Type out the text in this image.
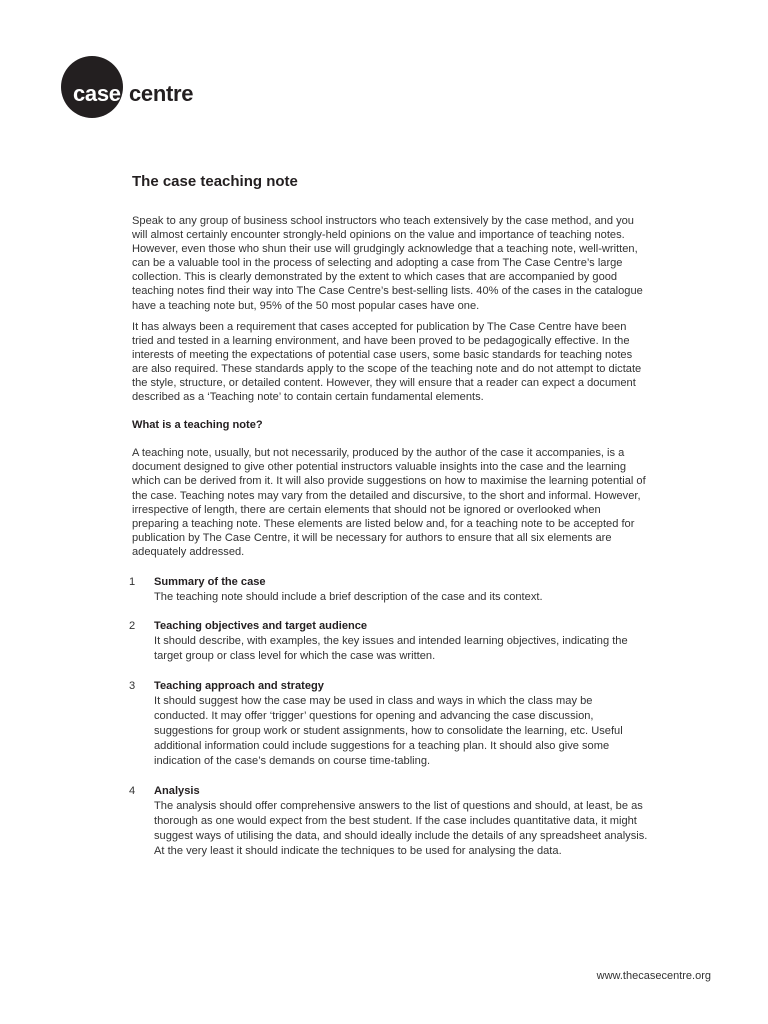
case centre
The case teaching note

Speak to any group of business school instructors who teach extensively by the case method, and you will almost certainly encounter strongly-held opinions on the value and importance of teaching notes. However, even those who shun their use will grudgingly acknowledge that a teaching note, well-written, can be a valuable tool in the process of selecting and adopting a case from The Case Centre’s large collection. This is clearly demonstrated by the extent to which cases that are accompanied by good teaching notes find their way into The Case Centre’s best-selling lists. 40% of the cases in the catalogue have a teaching note but, 95% of the 50 most popular cases have one.

It has always been a requirement that cases accepted for publication by The Case Centre have been tried and tested in a learning environment, and have been proved to be pedagogically effective. In the interests of meeting the expectations of potential case users, some basic standards for teaching notes are also required. These standards apply to the scope of the teaching note and do not attempt to dictate the style, structure, or detailed content. However, they will ensure that a reader can expect a document described as a ‘Teaching note’ to contain certain fundamental elements.

What is a teaching note?

A teaching note, usually, but not necessarily, produced by the author of the case it accompanies, is a document designed to give other potential instructors valuable insights into the case and the learning which can be derived from it. It will also provide suggestions on how to maximise the learning potential of the case. Teaching notes may vary from the detailed and discursive, to the short and informal. However, irrespective of length, there are certain elements that should not be ignored or overlooked when preparing a teaching note. These elements are listed below and, for a teaching note to be accepted for publication by The Case Centre, it will be necessary for authors to ensure that all six elements are adequately addressed.

1 Summary of the case
The teaching note should include a brief description of the case and its context.
2 Teaching objectives and target audience
It should describe, with examples, the key issues and intended learning objectives, indicating the target group or class level for which the case was written.
3 Teaching approach and strategy
It should suggest how the case may be used in class and ways in which the class may be conducted. It may offer ‘trigger’ questions for opening and advancing the case discussion, suggestions for group work or student assignments, how to consolidate the learning, etc. Useful additional information could include suggestions for a teaching plan. It should also give some indication of the case’s demands on course time-tabling.
4 Analysis
The analysis should offer comprehensive answers to the list of questions and should, at least, be as thorough as one would expect from the best student. If the case includes quantitative data, it might suggest ways of utilising the data, and should ideally include the details of any spreadsheet analysis. At the very least it should indicate the techniques to be used for analysing the data.
www.thecasecentre.org
